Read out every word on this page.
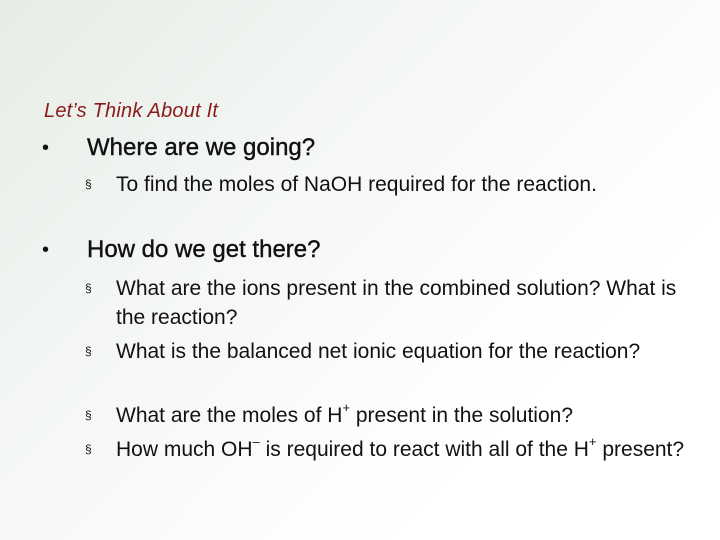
Let’s Think About It
• Where are we going?
§ To find the moles of NaOH required for the reaction.
• How do we get there?
§ What are the ions present in the combined solution? What is the reaction?
§ What is the balanced net ionic equation for the reaction?
§ What are the moles of H+ present in the solution?
§ How much OH– is required to react with all of the H+ present?
